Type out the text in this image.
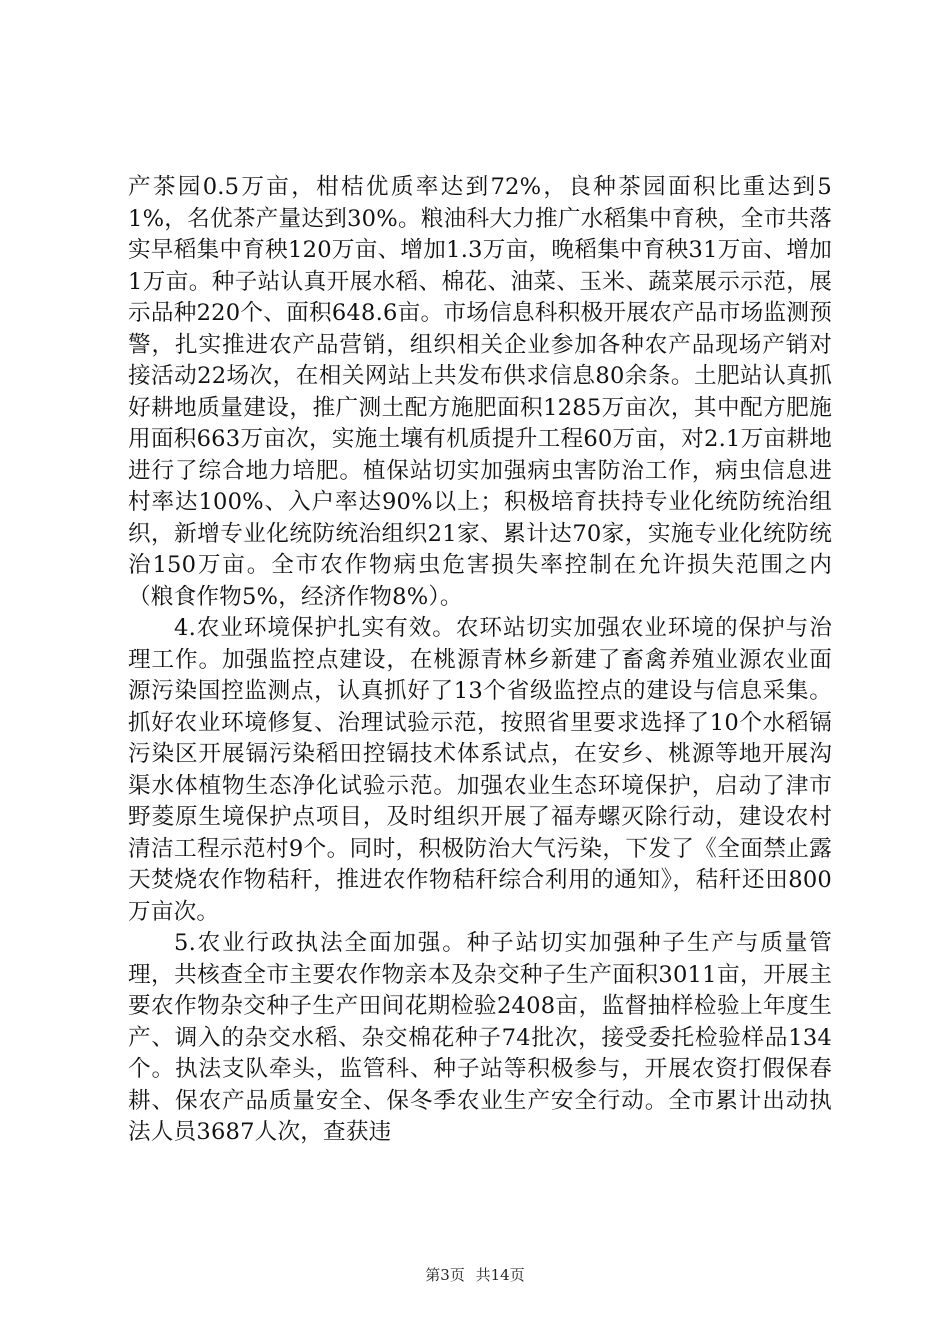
产茶园0.5万亩，柑桔优质率达到72%，良种茶园面积比重达到51%，名优茶产量达到30%。粮油科大力推广水稻集中育秧，全市共落实早稻集中育秧120万亩、增加1.3万亩，晚稻集中育秧31万亩、增加1万亩。种子站认真开展水稻、棉花、油菜、玉米、蔬菜展示示范，展示品种220个、面积648.6亩。市场信息科积极开展农产品市场监测预警，扎实推进农产品营销，组织相关企业参加各种农产品现场产销对接活动22场次，在相关网站上共发布供求信息80余条。土肥站认真抓好耕地质量建设，推广测土配方施肥面积1285万亩次，其中配方肥施用面积663万亩次，实施土壤有机质提升工程60万亩，对2.1万亩耕地进行了综合地力培肥。植保站切实加强病虫害防治工作，病虫信息进村率达100%、入户率达90%以上；积极培育扶持专业化统防统治组织，新增专业化统防统治组织21家、累计达70家，实施专业化统防统治150万亩。全市农作物病虫危害损失率控制在允许损失范围之内（粮食作物5%，经济作物8%）。

4.农业环境保护扎实有效。农环站切实加强农业环境的保护与治理工作。加强监控点建设，在桃源青林乡新建了畜禽养殖业源农业面源污染国控监测点，认真抓好了13个省级监控点的建设与信息采集。抓好农业环境修复、治理试验示范，按照省里要求选择了10个水稻镉污染区开展镉污染稻田控镉技术体系试点，在安乡、桃源等地开展沟渠水体植物生态净化试验示范。加强农业生态环境保护，启动了津市野菱原生境保护点项目，及时组织开展了福寿螺灭除行动，建设农村清洁工程示范村9个。同时，积极防治大气污染，下发了《全面禁止露天焚烧农作物秸秆，推进农作物秸秆综合利用的通知》，秸秆还田800万亩次。

5.农业行政执法全面加强。种子站切实加强种子生产与质量管理，共核查全市主要农作物亲本及杂交种子生产面积3011亩，开展主要农作物杂交种子生产田间花期检验2408亩，监督抽样检验上年度生产、调入的杂交水稻、杂交棉花种子74批次，接受委托检验样品134个。执法支队牵头，监管科、种子站等积极参与，开展农资打假保春耕、保农产品质量安全、保冬季农业生产安全行动。全市累计出动执法人员3687人次，查获违

第3页 共14页
